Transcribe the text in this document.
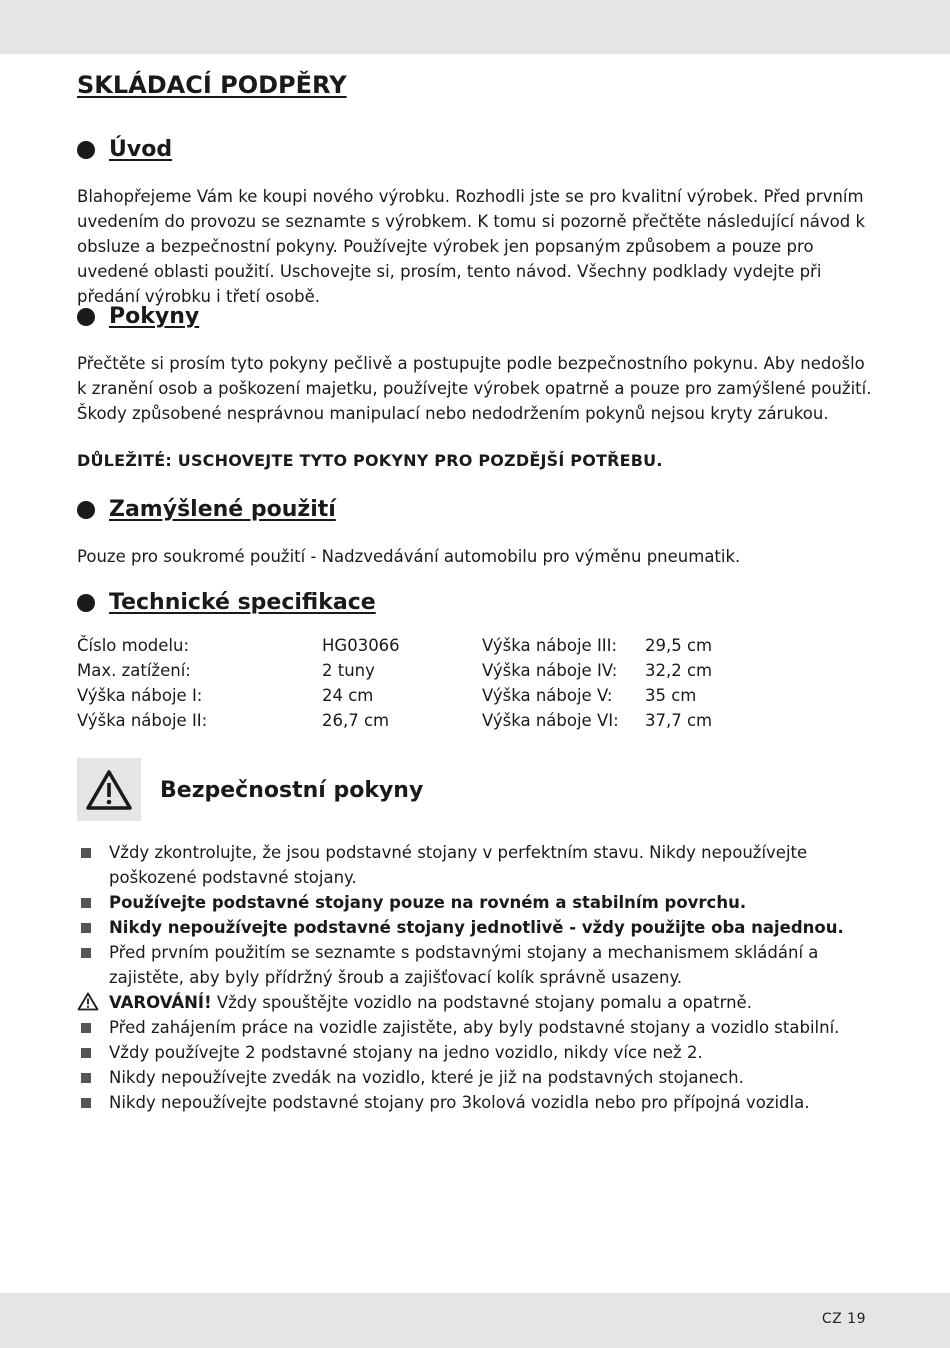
SKLÁDACÍ PODPĚRY
Úvod

Blahopřejeme Vám ke koupi nového výrobku. Rozhodli jste se pro kvalitní výrobek. Před prvním uvedením do provozu se seznamte s výrobkem. K tomu si pozorně přečtěte následující návod k obsluze a bezpečnostní pokyny. Používejte výrobek jen popsaným způsobem a pouze pro uvedené oblasti použití. Uschovejte si, prosím, tento návod. Všechny podklady vydejte při předání výrobku i třetí osobě.

Pokyny

Přečtěte si prosím tyto pokyny pečlivě a postupujte podle bezpečnostního pokynu. Aby nedošlo k zranění osob a poškození majetku, používejte výrobek opatrně a pouze pro zamýšlené použití. Škody způsobené nesprávnou manipulací nebo nedodržením pokynů nejsou kryty zárukou.

DŮLEŽITÉ: USCHOVEJTE TYTO POKYNY PRO POZDĚJŠÍ POTŘEBU.

Zamýšlené použití

Pouze pro soukromé použití - Nadzvedávání automobilu pro výměnu pneumatik.

Technické specifikace
Číslo modelu:	HG03066	Výška náboje III:	29,5 cm
Max. zatížení:	2 tuny	Výška náboje IV:	32,2 cm
Výška náboje I:	24 cm	Výška náboje V:	35 cm
Výška náboje II:	26,7 cm	Výška náboje VI:	37,7 cm
Bezpečnostní pokyny
Vždy zkontrolujte, že jsou podstavné stojany v perfektním stavu. Nikdy nepoužívejte poškozené podstavné stojany.
Používejte podstavné stojany pouze na rovném a stabilním povrchu.
Nikdy nepoužívejte podstavné stojany jednotlivě - vždy použijte oba najednou.
Před prvním použitím se seznamte s podstavnými stojany a mechanismem skládání a zajistěte, aby byly přídržný šroub a zajišťovací kolík správně usazeny.
VAROVÁNÍ! Vždy spouštějte vozidlo na podstavné stojany pomalu a opatrně.
Před zahájením práce na vozidle zajistěte, aby byly podstavné stojany a vozidlo stabilní.
Vždy používejte 2 podstavné stojany na jedno vozidlo, nikdy více než 2.
Nikdy nepoužívejte zvedák na vozidlo, které je již na podstavných stojanech.
Nikdy nepoužívejte podstavné stojany pro 3kolová vozidla nebo pro přípojná vozidla.
CZ 19
